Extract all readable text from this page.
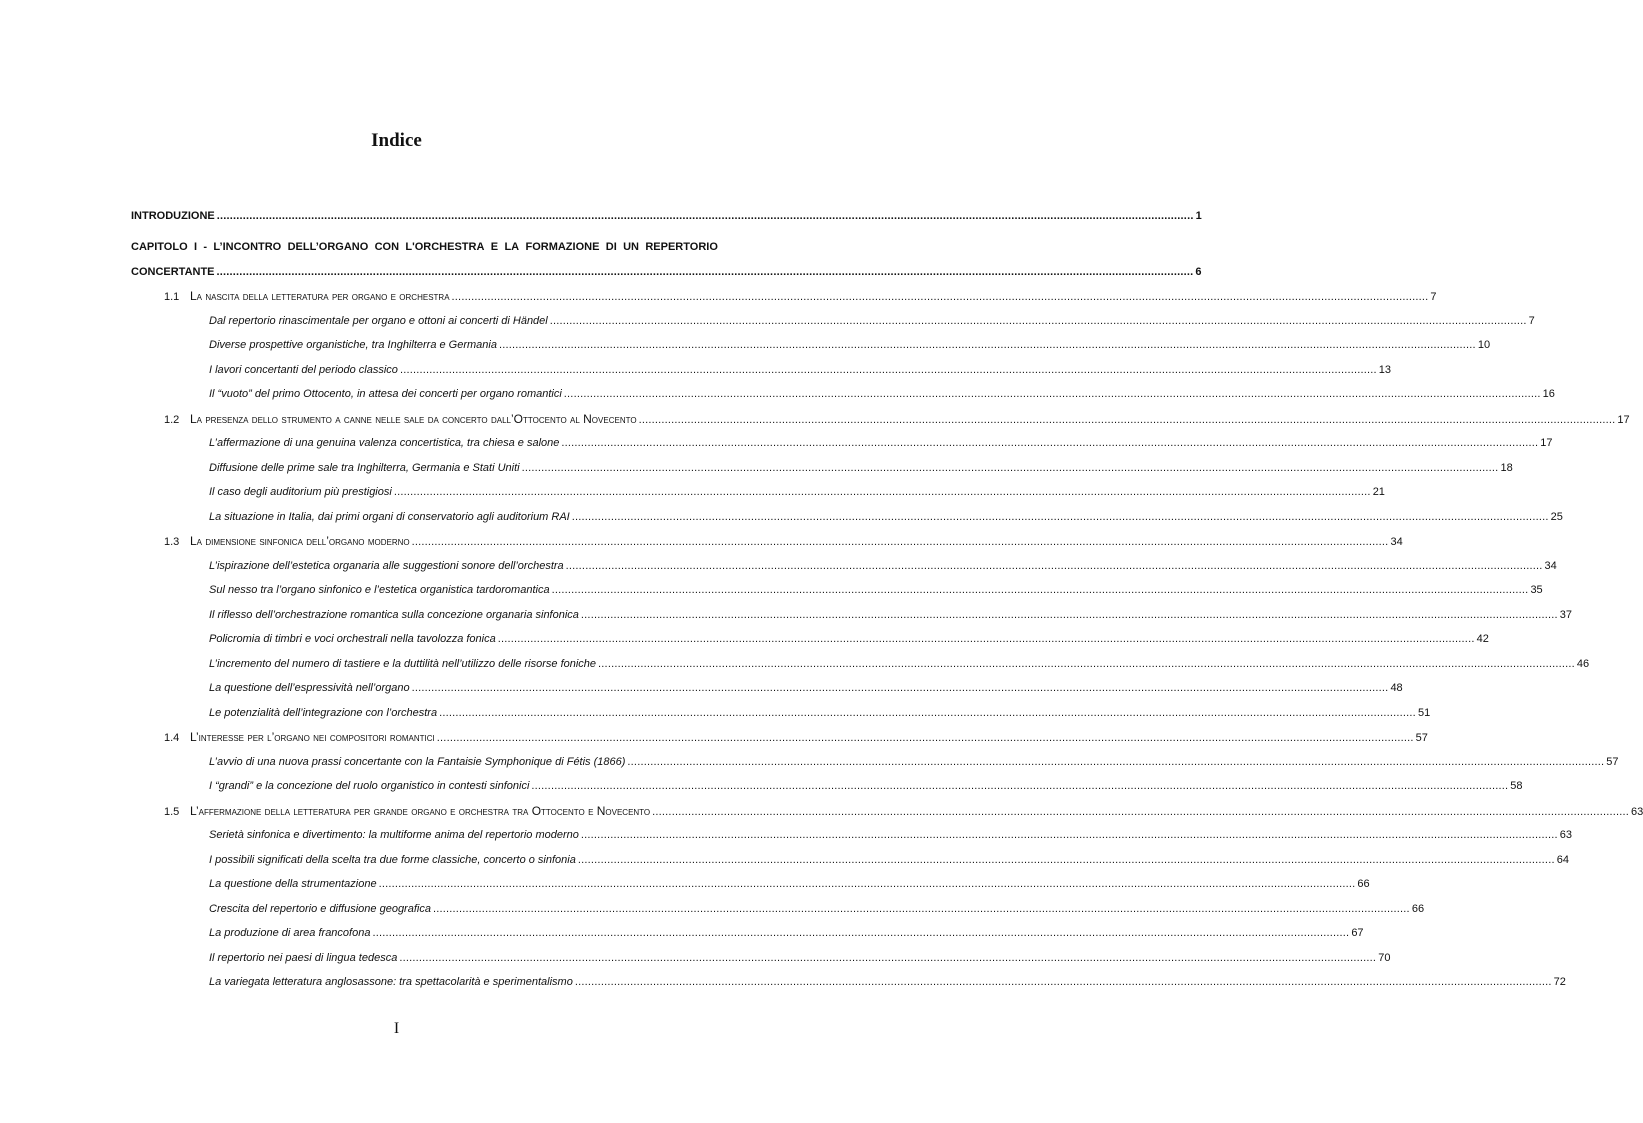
Indice
INTRODUZIONE ............................................................................................................................................................................................................................................................................................................ 1
CAPITOLO I - L’INCONTRO DELL’ORGANO CON L'ORCHESTRA E LA FORMAZIONE DI UN REPERTORIO
CONCERTANTE ............................................................................................................................................................................................................................................................................................................ 6
1.1 La nascita della letteratura per organo e orchestra ............................................................................................................................................................................................................................................................................................................ 7
Dal repertorio rinascimentale per organo e ottoni ai concerti di Händel ............................................................................................................................................................................................................................................................................................................ 7
Diverse prospettive organistiche, tra Inghilterra e Germania ............................................................................................................................................................................................................................................................................................................ 10
I lavori concertanti del periodo classico ............................................................................................................................................................................................................................................................................................................ 13
Il “vuoto” del primo Ottocento, in attesa dei concerti per organo romantici ............................................................................................................................................................................................................................................................................................................ 16
1.2 La presenza dello strumento a canne nelle sale da concerto dall’Ottocento al Novecento ............................................................................................................................................................................................................................................................................................................ 17
L’affermazione di una genuina valenza concertistica, tra chiesa e salone ............................................................................................................................................................................................................................................................................................................ 17
Diffusione delle prime sale tra Inghilterra, Germania e Stati Uniti ............................................................................................................................................................................................................................................................................................................ 18
Il caso degli auditorium più prestigiosi ............................................................................................................................................................................................................................................................................................................ 21
La situazione in Italia, dai primi organi di conservatorio agli auditorium RAI ............................................................................................................................................................................................................................................................................................................ 25
1.3 La dimensione sinfonica dell’organo moderno ............................................................................................................................................................................................................................................................................................................ 34
L’ispirazione dell’estetica organaria alle suggestioni sonore dell’orchestra ............................................................................................................................................................................................................................................................................................................ 34
Sul nesso tra l’organo sinfonico e l’estetica organistica tardoromantica ............................................................................................................................................................................................................................................................................................................ 35
Il riflesso dell’orchestrazione romantica sulla concezione organaria sinfonica ............................................................................................................................................................................................................................................................................................................ 37
Policromia di timbri e voci orchestrali nella tavolozza fonica ............................................................................................................................................................................................................................................................................................................ 42
L’incremento del numero di tastiere e la duttilità nell’utilizzo delle risorse foniche ............................................................................................................................................................................................................................................................................................................ 46
La questione dell’espressività nell’organo ............................................................................................................................................................................................................................................................................................................ 48
Le potenzialità dell’integrazione con l’orchestra ............................................................................................................................................................................................................................................................................................................ 51
1.4 L’interesse per l’organo nei compositori romantici ............................................................................................................................................................................................................................................................................................................ 57
L’avvio di una nuova prassi concertante con la Fantaisie Symphonique di Fétis (1866) ............................................................................................................................................................................................................................................................................................................ 57
I “grandi” e la concezione del ruolo organistico in contesti sinfonici ............................................................................................................................................................................................................................................................................................................ 58
1.5 L’affermazione della letteratura per grande organo e orchestra tra Ottocento e Novecento ............................................................................................................................................................................................................................................................................................................ 63
Serietà sinfonica e divertimento: la multiforme anima del repertorio moderno ............................................................................................................................................................................................................................................................................................................ 63
I possibili significati della scelta tra due forme classiche, concerto o sinfonia ............................................................................................................................................................................................................................................................................................................ 64
La questione della strumentazione ............................................................................................................................................................................................................................................................................................................ 66
Crescita del repertorio e diffusione geografica ............................................................................................................................................................................................................................................................................................................ 66
La produzione di area francofona ............................................................................................................................................................................................................................................................................................................ 67
Il repertorio nei paesi di lingua tedesca ............................................................................................................................................................................................................................................................................................................ 70
La variegata letteratura anglosassone: tra spettacolarità e sperimentalismo ............................................................................................................................................................................................................................................................................................................ 72
I
